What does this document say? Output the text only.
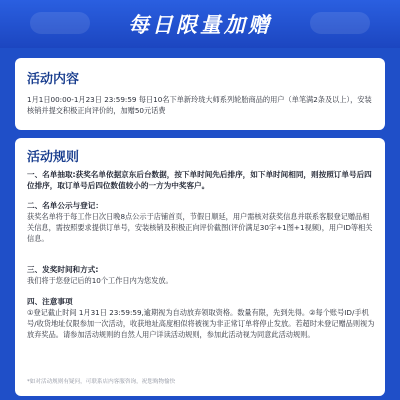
每日限量加赠
活动内容
1月1日00:00-1月23日 23:59:59 每日10名下单新玲珑大师系列轮胎商品的用户（单笔满2条及以上），安装核销并提交积极正向评价的，加赠50元话费
活动规则
一、名单抽取:获奖名单依据京东后台数据，按下单时间先后排序，如下单时间相同，则按照订单号后四位排序，取订单号后四位数值较小的一方为中奖客户。
二、名单公示与登记：
获奖名单将于每工作日次日晚8点公示于店铺首页，节假日顺延，用户需核对获奖信息并联系客服登记赠品相关信息，需按照要求提供订单号，安装核销及积极正向评价截图(评价满足30字+1图+1视频)，用户ID等相关信息。
三、发奖时间和方式:
我们将于您登记后的10个工作日内为您发放。
四、注意事项
①登记截止时间 1月31日 23:59:59,逾期视为自动放弃领取资格。数量有限，先到先得。②每个账号ID/手机号/收货地址仅限参加一次活动，收获地址高度相似将被视为非正常订单将停止发放。若超时未登记赠品则视为放弃奖品。请参加活动规则的自然人用户详读活动规则，参加此活动视为同意此活动规则。
*如对活动规则有疑问，可联系店内客服咨询，祝您购物愉快
